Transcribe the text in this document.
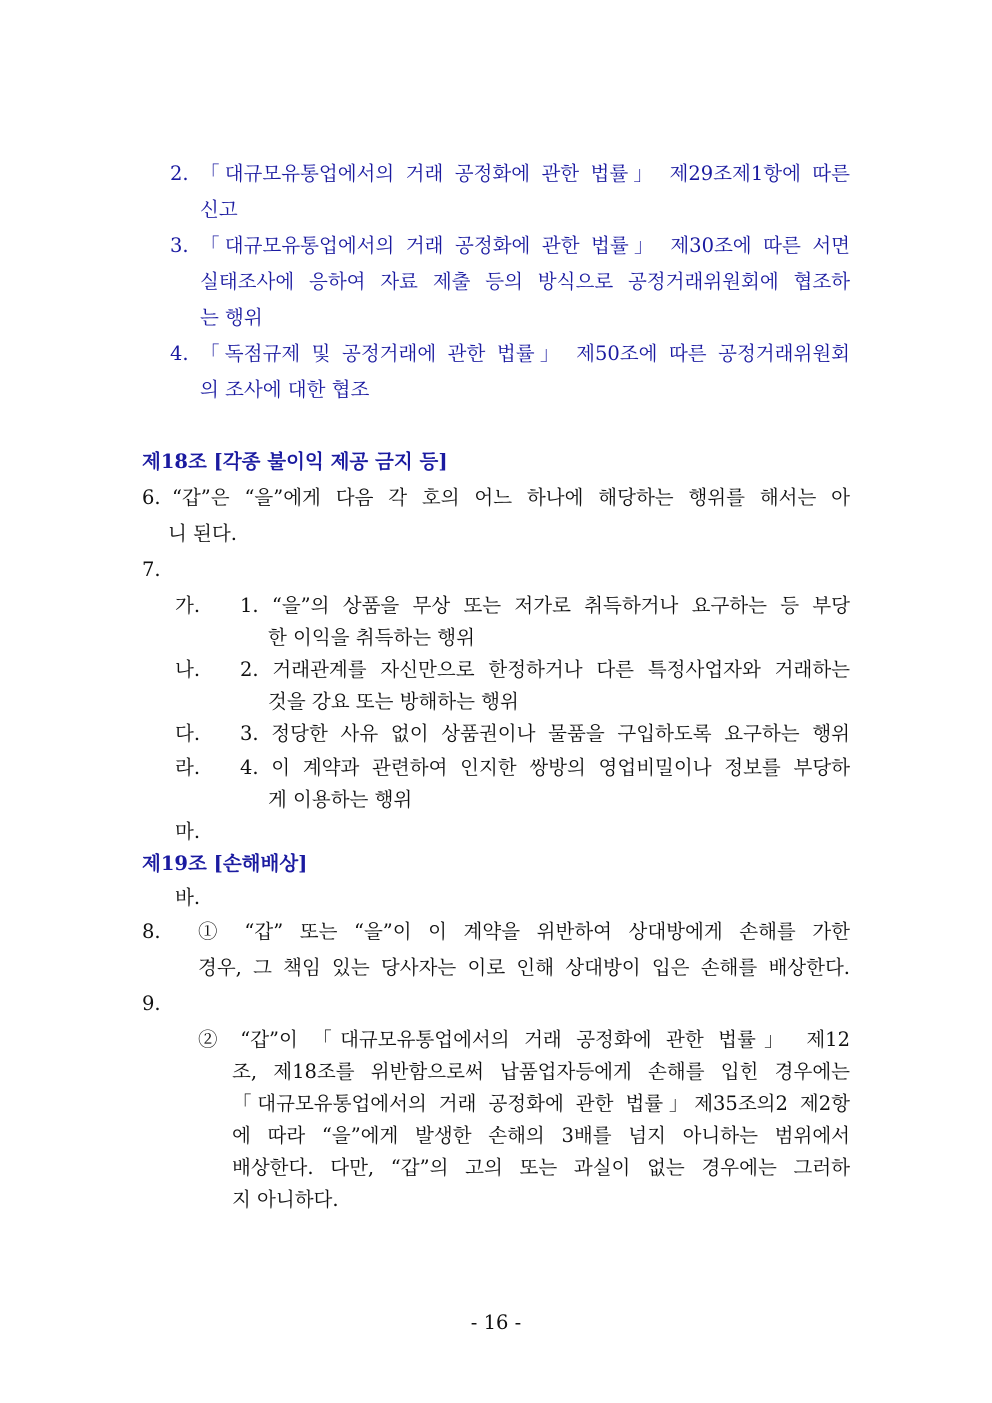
2. 「대규모유통업에서의 거래 공정화에 관한 법률」 제29조제1항에 따른
신고
3. 「대규모유통업에서의 거래 공정화에 관한 법률」 제30조에 따른 서면
실태조사에 응하여 자료 제출 등의 방식으로 공정거래위원회에 협조하
는 행위
4. 「독점규제 및 공정거래에 관한 법률」 제50조에 따른 공정거래위원회
의 조사에 대한 협조
제18조 [각종 불이익 제공 금지 등]
6. “갑”은 “을”에게 다음 각 호의 어느 하나에 해당하는 행위를 해서는 아
니 된다.
7.
가. 1. “을”의 상품을 무상 또는 저가로 취득하거나 요구하는 등 부당
한 이익을 취득하는 행위
나. 2. 거래관계를 자신만으로 한정하거나 다른 특정사업자와 거래하는
것을 강요 또는 방해하는 행위
다. 3. 정당한 사유 없이 상품권이나 물품을 구입하도록 요구하는 행위
라. 4. 이 계약과 관련하여 인지한 쌍방의 영업비밀이나 정보를 부당하
게 이용하는 행위
마.
제19조 [손해배상]
바.
8. ① “갑” 또는 “을”이 이 계약을 위반하여 상대방에게 손해를 가한
경우, 그 책임 있는 당사자는 이로 인해 상대방이 입은 손해를 배상한다.
9.
② “갑”이 「대규모유통업에서의 거래 공정화에 관한 법률」 제12
조, 제18조를 위반함으로써 납품업자등에게 손해를 입힌 경우에는
「대규모유통업에서의 거래 공정화에 관한 법률」제35조의2 제2항
에 따라 “을”에게 발생한 손해의 3배를 넘지 아니하는 범위에서
배상한다. 다만, “갑”의 고의 또는 과실이 없는 경우에는 그러하
지 아니하다.
- 16 -
